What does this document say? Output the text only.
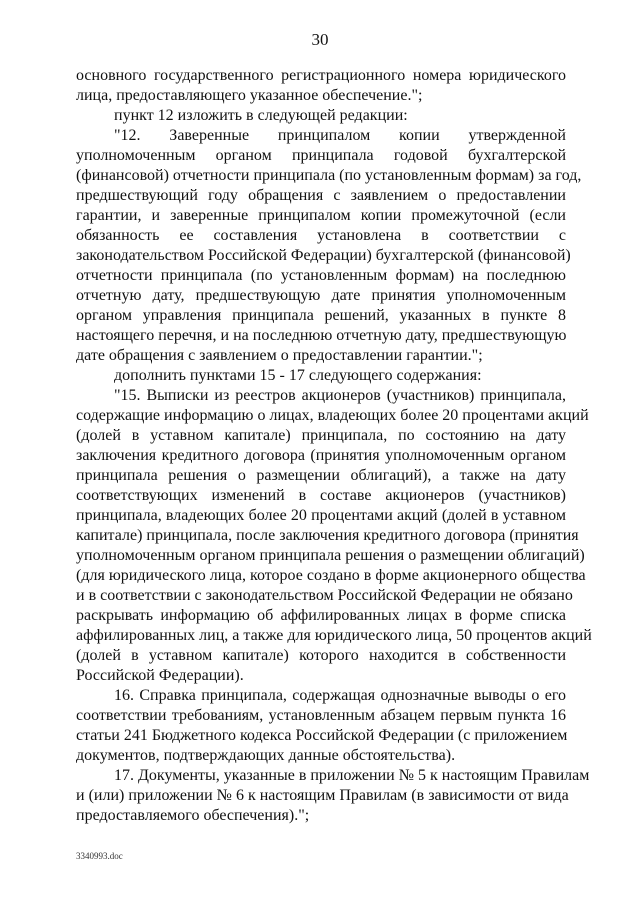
30
основного государственного регистрационного номера юридического
лица, предоставляющего указанное обеспечение.";
пункт 12 изложить в следующей редакции:
"12. Заверенные принципалом копии утвержденной
уполномоченным органом принципала годовой бухгалтерской
(финансовой) отчетности принципала (по установленным формам) за год,
предшествующий году обращения с заявлением о предоставлении
гарантии, и заверенные принципалом копии промежуточной (если
обязанность ее составления установлена в соответствии с
законодательством Российской Федерации) бухгалтерской (финансовой)
отчетности принципала (по установленным формам) на последнюю
отчетную дату, предшествующую дате принятия уполномоченным
органом управления принципала решений, указанных в пункте 8
настоящего перечня, и на последнюю отчетную дату, предшествующую
дате обращения с заявлением о предоставлении гарантии.";
дополнить пунктами 15 - 17 следующего содержания:
"15. Выписки из реестров акционеров (участников) принципала,
содержащие информацию о лицах, владеющих более 20 процентами акций
(долей в уставном капитале) принципала, по состоянию на дату
заключения кредитного договора (принятия уполномоченным органом
принципала решения о размещении облигаций), а также на дату
соответствующих изменений в составе акционеров (участников)
принципала, владеющих более 20 процентами акций (долей в уставном
капитале) принципала, после заключения кредитного договора (принятия
уполномоченным органом принципала решения о размещении облигаций)
(для юридического лица, которое создано в форме акционерного общества
и в соответствии с законодательством Российской Федерации не обязано
раскрывать информацию об аффилированных лицах в форме списка
аффилированных лиц, а также для юридического лица, 50 процентов акций
(долей в уставном капитале) которого находится в собственности
Российской Федерации).
16. Справка принципала, содержащая однозначные выводы о его
соответствии требованиям, установленным абзацем первым пункта 16
статьи 241 Бюджетного кодекса Российской Федерации (с приложением
документов, подтверждающих данные обстоятельства).
17. Документы, указанные в приложении № 5 к настоящим Правилам
и (или) приложении № 6 к настоящим Правилам (в зависимости от вида
предоставляемого обеспечения).";
3340993.doc
